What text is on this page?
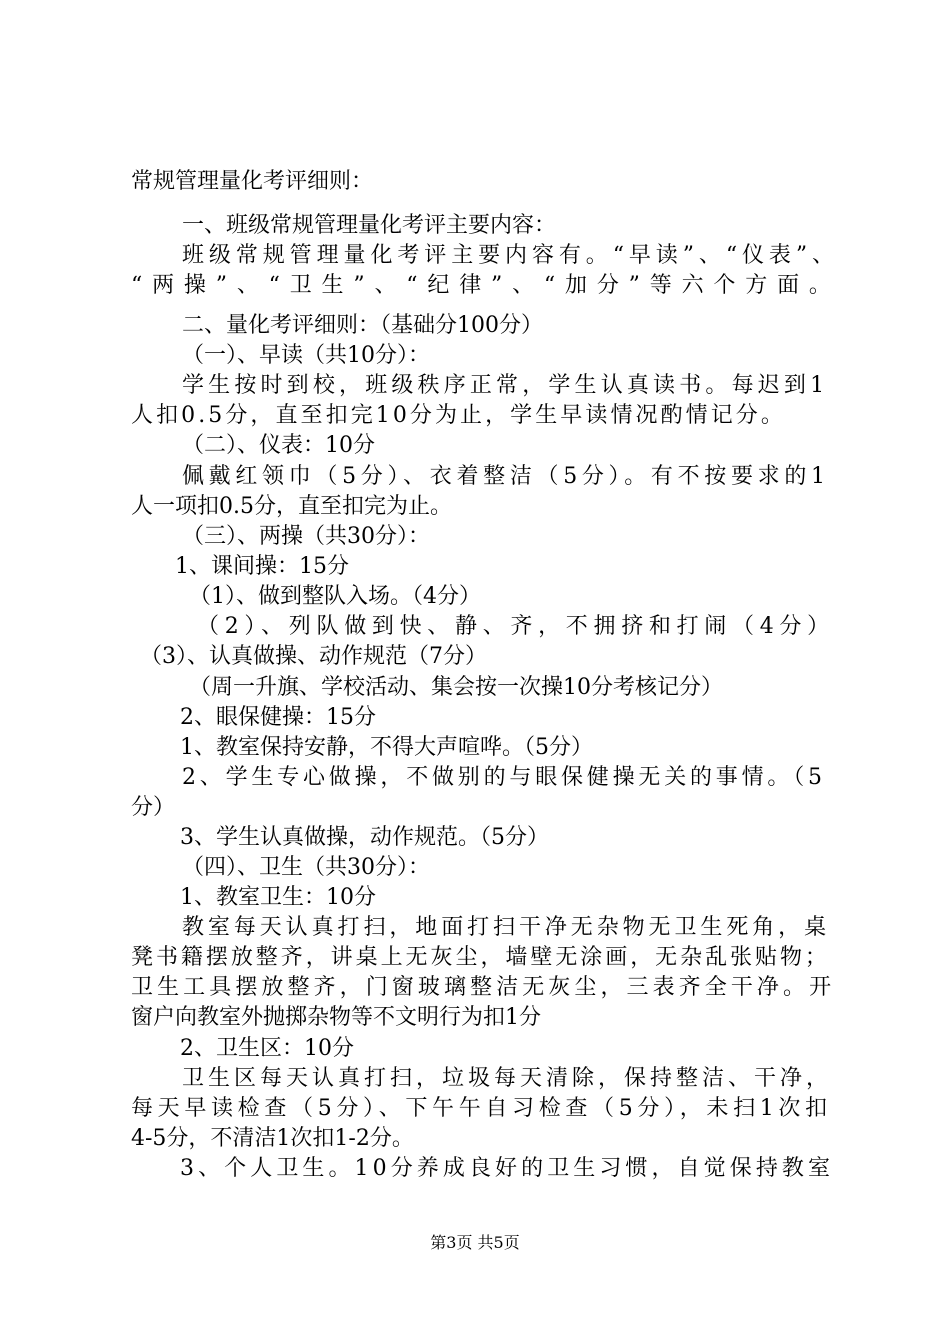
常规管理量化考评细则：
一、班级常规管理量化考评主要内容：
班级常规管理量化考评主要内容有。“早读”、“仪表”、
“两操”、“卫生”、“纪律”、“加分”等六个方面。
二、量化考评细则：（基础分100分）
（一）、早读（共10分）：
学生按时到校，班级秩序正常，学生认真读书。每迟到1
人扣0.5分，直至扣完10分为止，学生早读情况酌情记分。
（二）、仪表：10分
佩戴红领巾（5分）、衣着整洁（5分）。有不按要求的1
人一项扣0.5分，直至扣完为止。
（三）、两操（共30分）：
1、课间操：15分
（1）、做到整队入场。（4分）
（2）、列队做到快、静、齐，不拥挤和打闹（4分）
（3）、认真做操、动作规范（7分）
（周一升旗、学校活动、集会按一次操10分考核记分）
2、眼保健操：15分
1、教室保持安静，不得大声喧哗。（5分）
2、学生专心做操，不做别的与眼保健操无关的事情。（5
分）
3、学生认真做操，动作规范。（5分）
（四）、卫生（共30分）：
1、教室卫生：10分
教室每天认真打扫，地面打扫干净无杂物无卫生死角，桌
凳书籍摆放整齐，讲桌上无灰尘，墙壁无涂画，无杂乱张贴物；
卫生工具摆放整齐，门窗玻璃整洁无灰尘，三表齐全干净。开
窗户向教室外抛掷杂物等不文明行为扣1分
2、卫生区：10分
卫生区每天认真打扫，垃圾每天清除，保持整洁、干净，
每天早读检查（5分）、下午午自习检查（5分），未扫1次扣
4-5分，不清洁1次扣1-2分。
3、个人卫生。10分养成良好的卫生习惯，自觉保持教室
第3页 共5页
